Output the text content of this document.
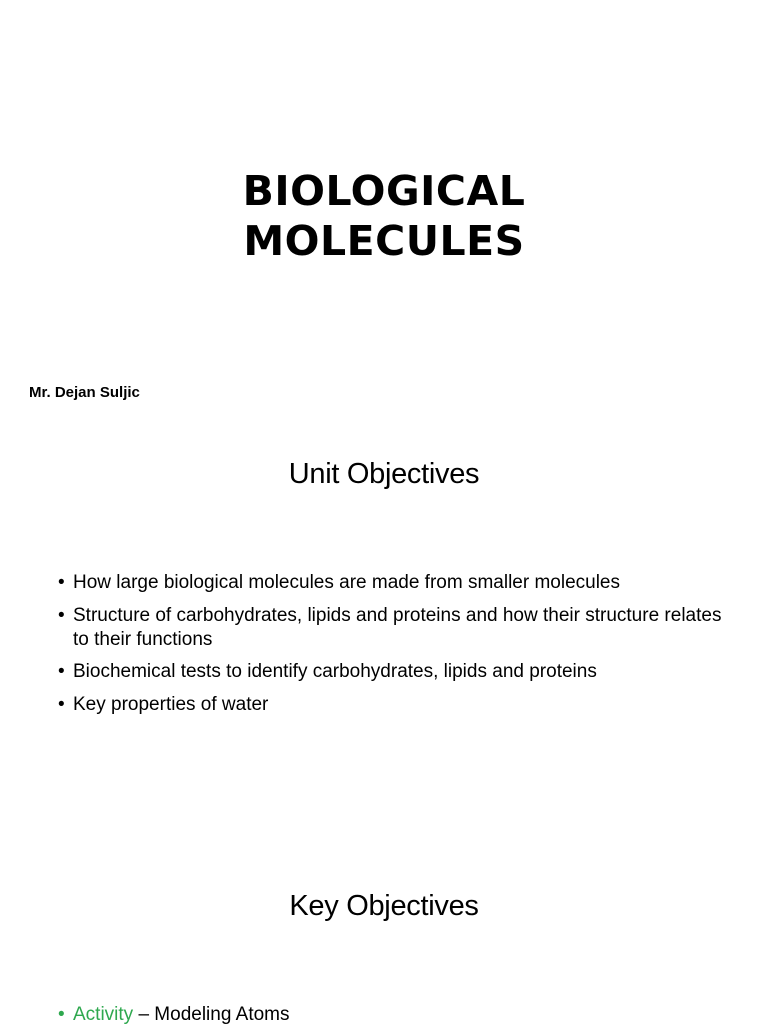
BIOLOGICAL
MOLECULES
Mr. Dejan Suljic
Unit Objectives
• How large biological molecules are made from smaller molecules
• Structure of carbohydrates, lipids and proteins and how their structure relates to their functions
• Biochemical tests to identify carbohydrates, lipids and proteins
• Key properties of water
Key Objectives
• Activity – Modeling Atoms
